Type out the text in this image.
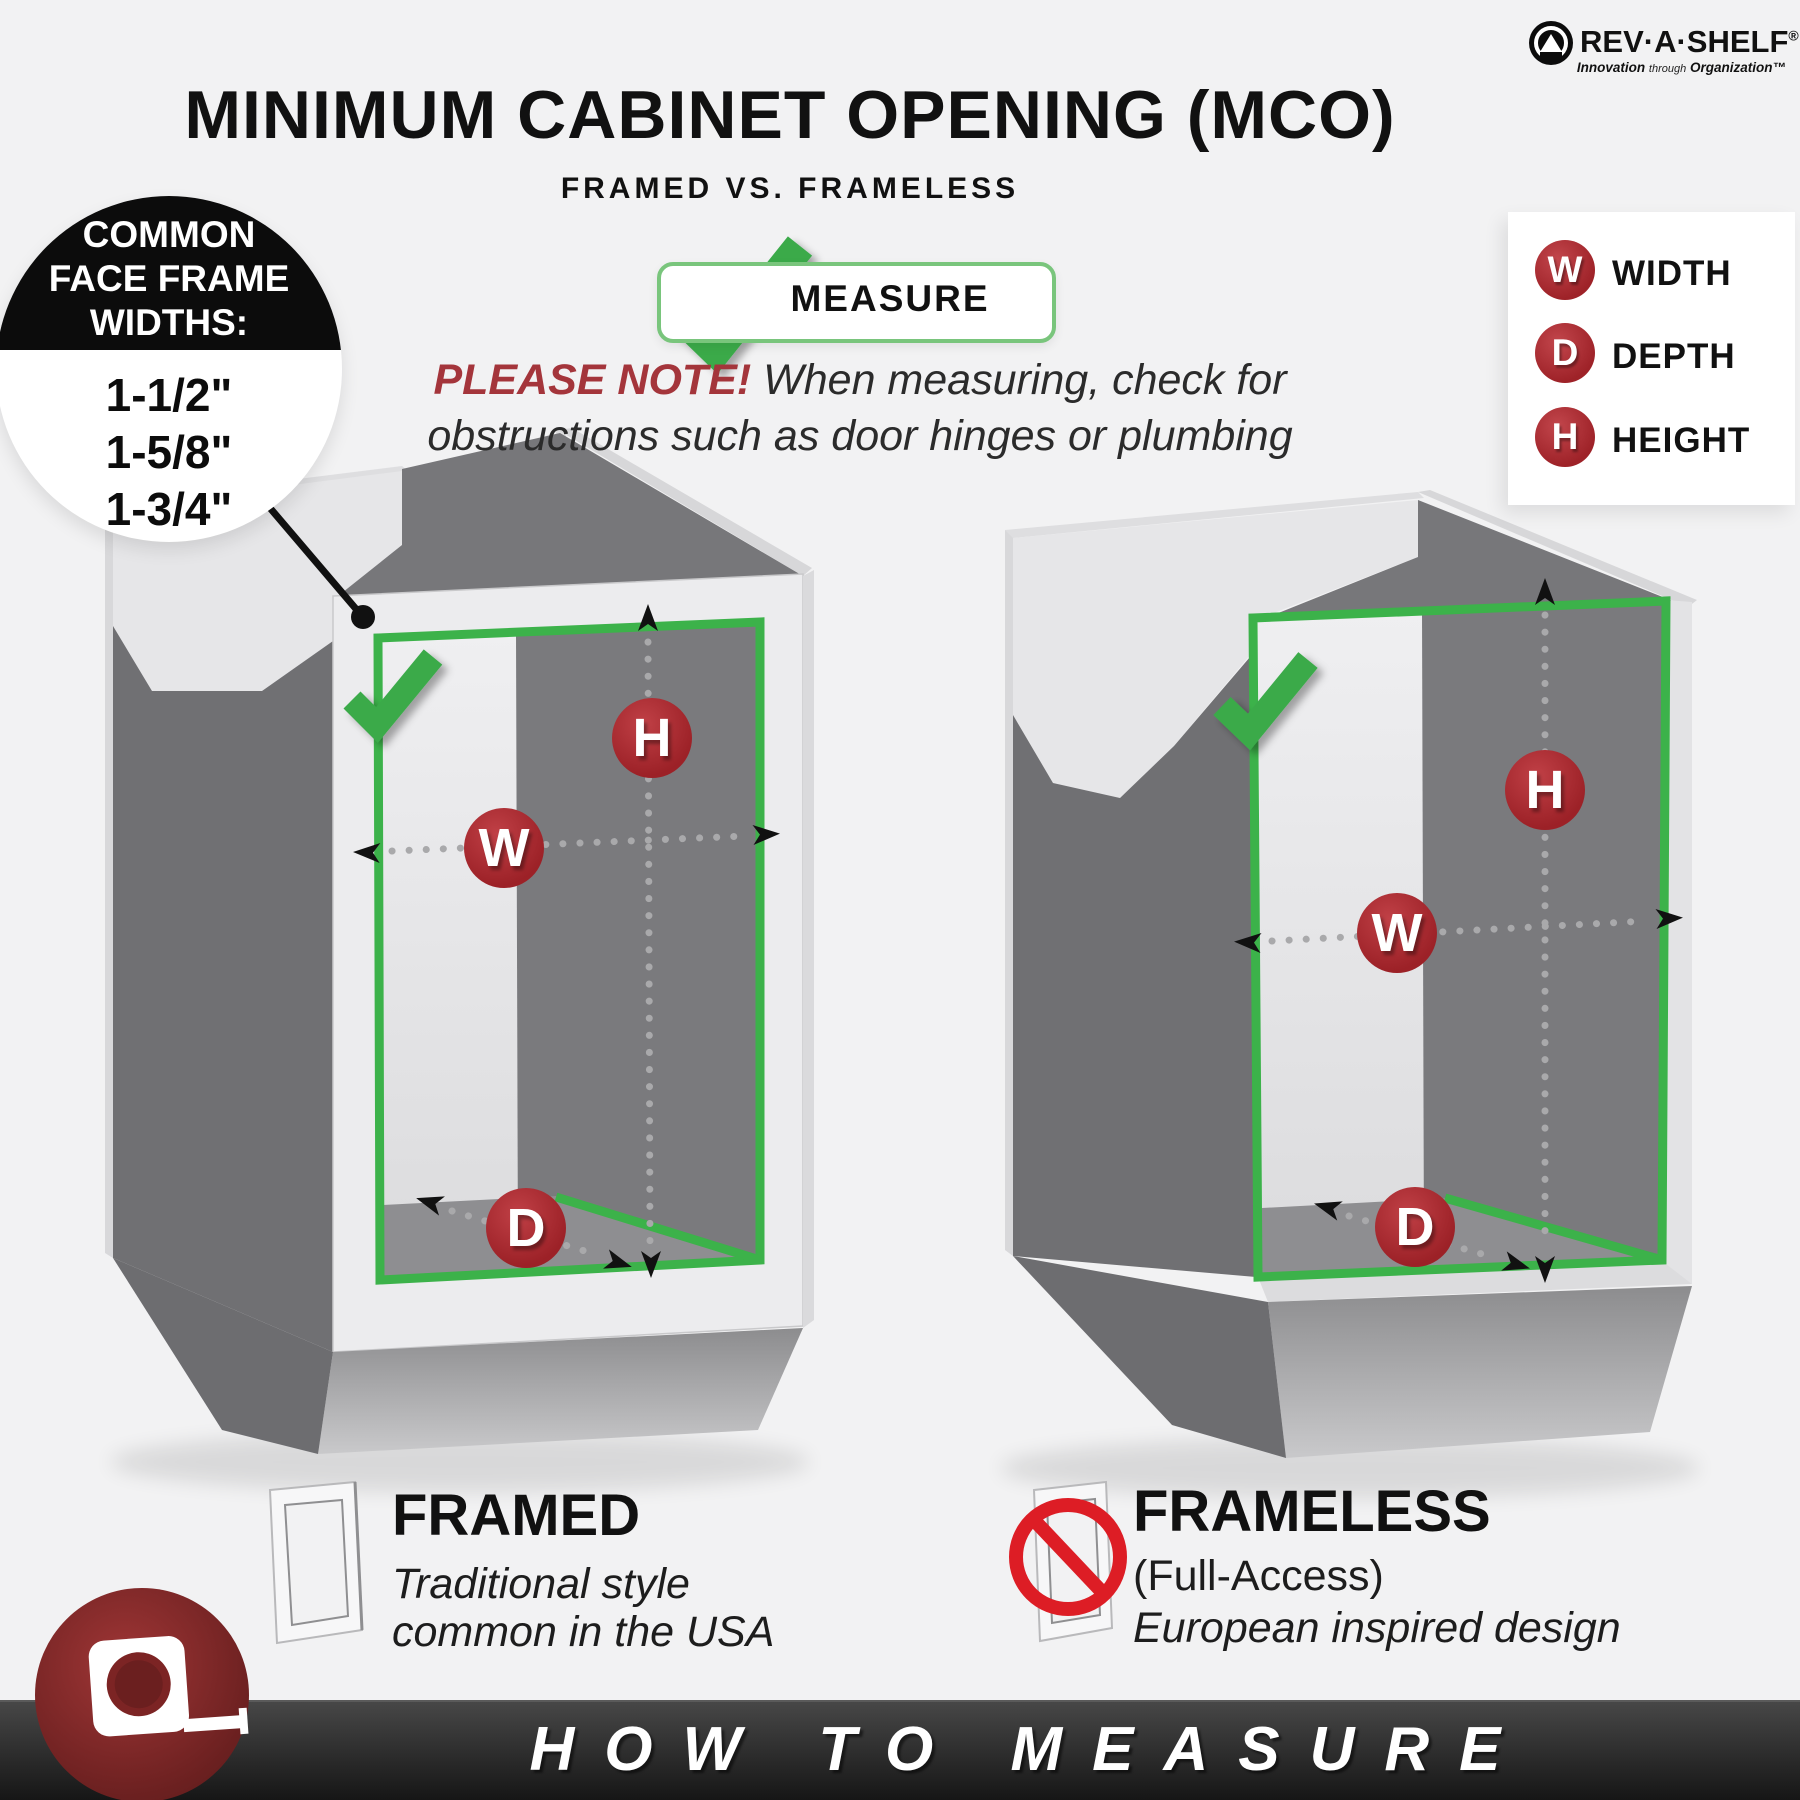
REV·A·SHELF®
Innovation through Organization™
MINIMUM CABINET OPENING (MCO)
FRAMED VS. FRAMELESS
COMMON
FACE FRAME
WIDTHS:
1-1/2"
1-5/8"
1-3/4"
MEASURE
PLEASE NOTE! When measuring, check for
obstructions such as door hinges or plumbing
W WIDTH
D DEPTH
H HEIGHT
H
W
D
H
W
D
FRAMED
Traditional style
common in the USA
FRAMELESS
(Full-Access)
European inspired design
HOW TO MEASURE
